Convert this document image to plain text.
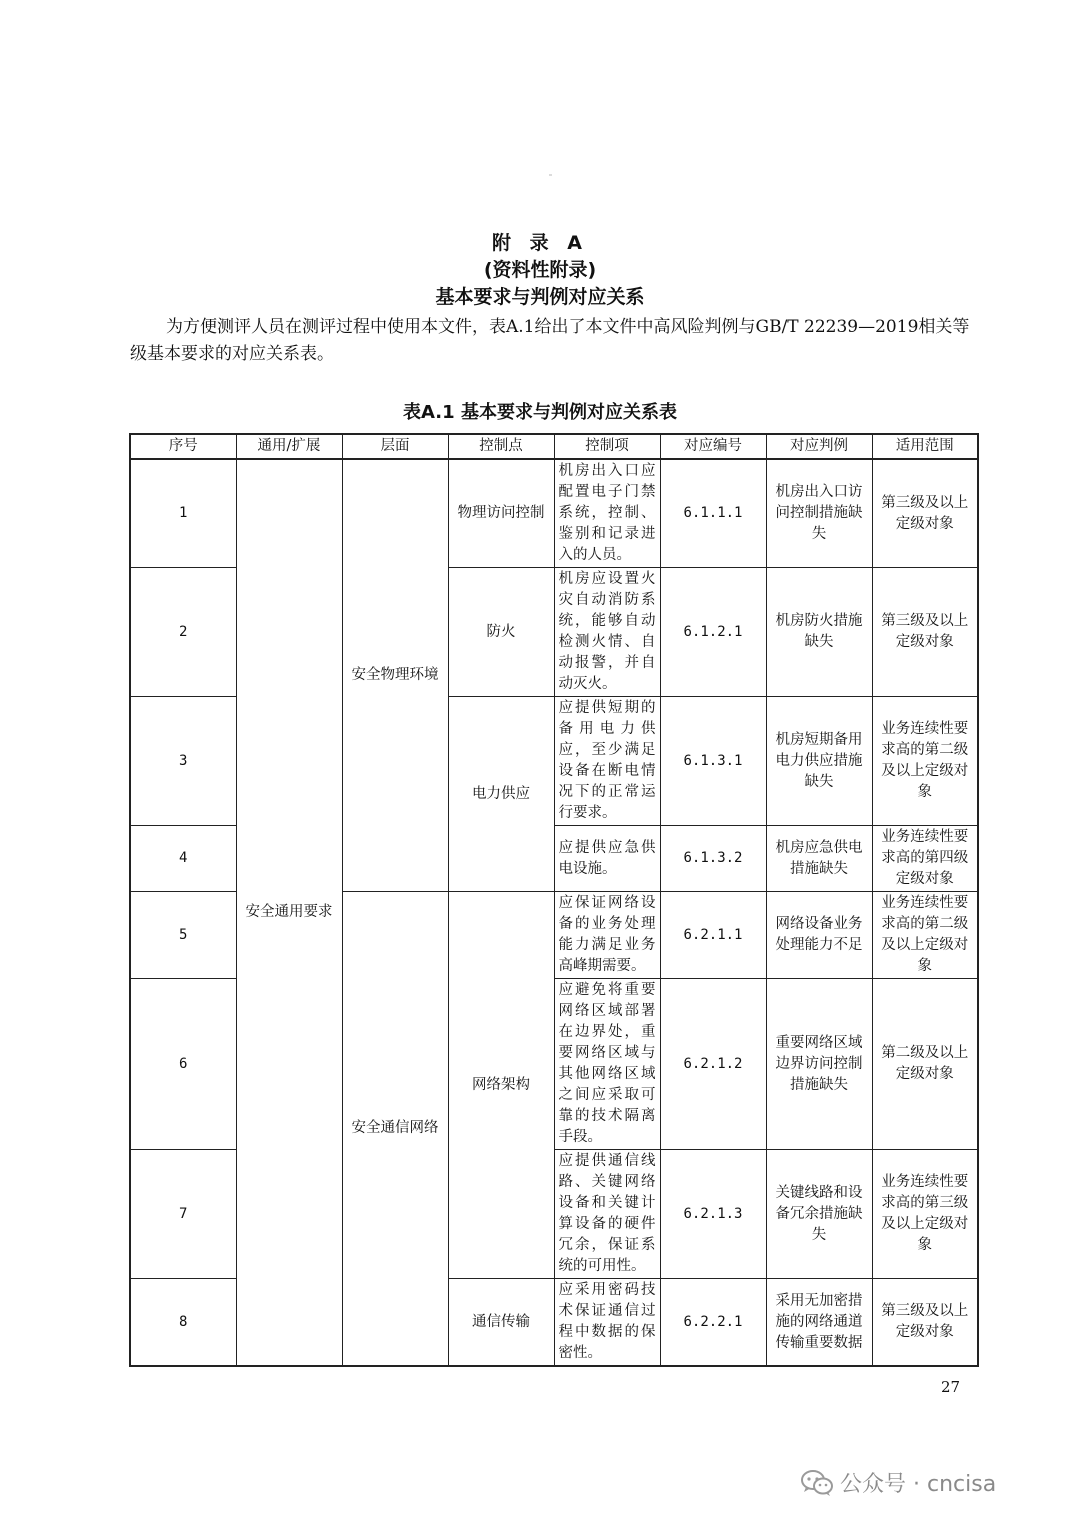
附 录 A
(资料性附录)
基本要求与判例对应关系

为方便测评人员在测评过程中使用本文件，表A.1给出了本文件中高风险判例与GB/T 22239—2019相关等级基本要求的对应关系表。

表A.1 基本要求与判例对应关系表
序号	通用/扩展	层面	控制点	控制项	对应编号	对应判例	适用范围
1	安全通用要求	安全物理环境	物理访问控制	机房出入口应配置电子门禁系统，控制、鉴别和记录进入的人员。	6.1.1.1	机房出入口访问控制措施缺失	第三级及以上定级对象
2			防火	机房应设置火灾自动消防系统，能够自动检测火情、自动报警，并自动灭火。	6.1.2.1	机房防火措施缺失	第三级及以上定级对象
3			电力供应	应提供短期的备用电力供应，至少满足设备在断电情况下的正常运行要求。	6.1.3.1	机房短期备用电力供应措施缺失	业务连续性要求高的第二级及以上定级对象
4				应提供应急供电设施。	6.1.3.2	机房应急供电措施缺失	业务连续性要求高的第四级定级对象
5		安全通信网络	网络架构	应保证网络设备的业务处理能力满足业务高峰期需要。	6.2.1.1	网络设备业务处理能力不足	业务连续性要求高的第二级及以上定级对象
6				应避免将重要网络区域部署在边界处，重要网络区域与其他网络区域之间应采取可靠的技术隔离手段。	6.2.1.2	重要网络区域边界访问控制措施缺失	第二级及以上定级对象
7				应提供通信线路、关键网络设备和关键计算设备的硬件冗余，保证系统的可用性。	6.2.1.3	关键线路和设备冗余措施缺失	业务连续性要求高的第三级及以上定级对象
8			通信传输	应采用密码技术保证通信过程中数据的保密性。	6.2.2.1	采用无加密措施的网络通道传输重要数据	第三级及以上定级对象
27
公众号 · cncisa
